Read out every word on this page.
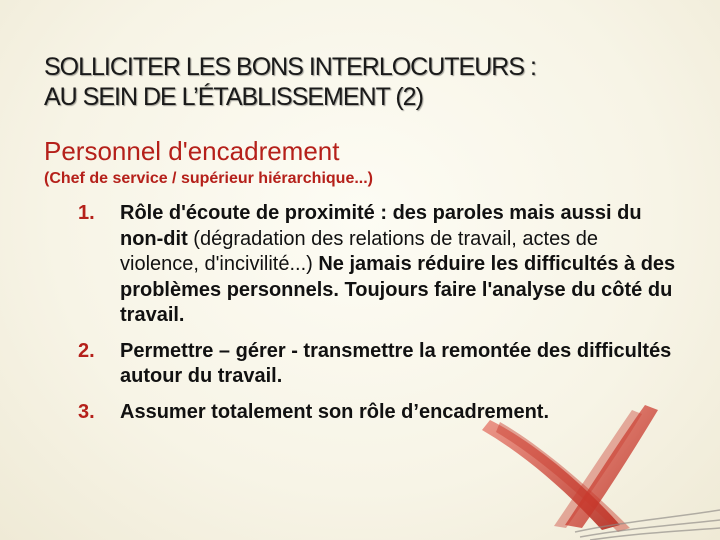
SOLLICITER LES BONS INTERLOCUTEURS :
AU SEIN DE L’ÉTABLISSEMENT (2)
Personnel d'encadrement
(Chef de service / supérieur hiérarchique...)
1. Rôle d'écoute de proximité : des paroles mais aussi du non-dit (dégradation des relations de travail, actes de violence, d'incivilité...) Ne jamais réduire les difficultés à des problèmes personnels. Toujours faire l'analyse du côté du travail.
2. Permettre – gérer - transmettre la remontée des difficultés autour du travail.
3. Assumer totalement son rôle d’encadrement.
